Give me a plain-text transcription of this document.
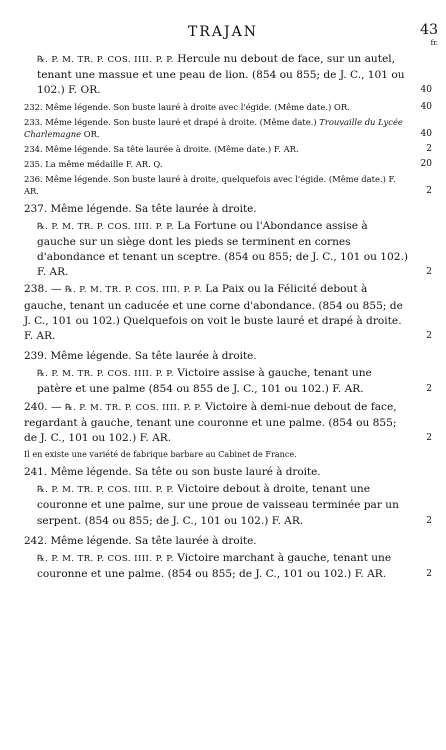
TRAJAN	43
fr.
℞. P. M. TR. P. COS. IIII. P. P. Hercule nu debout de face, sur un autel, tenant une massue et une peau de lion. (854 ou 855; de J. C., 101 ou 102.) F. OR.	40
232. Même légende. Son buste lauré à droite avec l'égide. (Même date.) OR.	40
233. Même légende. Son buste lauré et drapé à droite. (Même date.) Trouvaille du Lycée Charlemagne OR.	40
234. Même légende. Sa tête laurée à droite. (Même date.) F. AR.	2
235. La même médaille F. AR. Q.	20
236. Même légende. Son buste lauré à droite, quelquefois avec l'égide. (Même date.) F. AR.	2
237. Même légende. Sa tête laurée à droite.
℞. P. M. TR. P. COS. IIII. P. P. La Fortune ou l'Abondance assise à gauche sur un siège dont les pieds se terminent en cornes d'abondance et tenant un sceptre. (854 ou 855; de J. C., 101 ou 102.) F. AR.	2
238. — ℞. P. M. TR. P. COS. IIII. P. P. La Paix ou la Félicité debout à gauche, tenant un caducée et une corne d'abondance. (854 ou 855; de J. C., 101 ou 102.) Quelquefois on voit le buste lauré et drapé à droite. F. AR.	2
239. Même légende. Sa tête laurée à droite.
℞. P. M. TR. P. COS. IIII. P. P. Victoire assise à gauche, tenant une patère et une palme (854 ou 855 de J. C., 101 ou 102.) F. AR.	2
240. — ℞. P. M. TR. P. COS. IIII. P. P. Victoire à demi-nue debout de face, regardant à gauche, tenant une couronne et une palme. (854 ou 855; de J. C., 101 ou 102.) F. AR.	2
Il en existe une variété de fabrique barbare au Cabinet de France.
241. Même légende. Sa tête ou son buste lauré à droite.
℞. P. M. TR. P. COS. IIII. P. P. Victoire debout à droite, tenant une couronne et une palme, sur une proue de vaisseau terminée par un serpent. (854 ou 855; de J. C., 101 ou 102.) F. AR.	2
242. Même légende. Sa tête laurée à droite.
℞. P. M. TR. P. COS. IIII. P. P. Victoire marchant à gauche, tenant une couronne et une palme. (854 ou 855; de J. C., 101 ou 102.) F. AR.	2
